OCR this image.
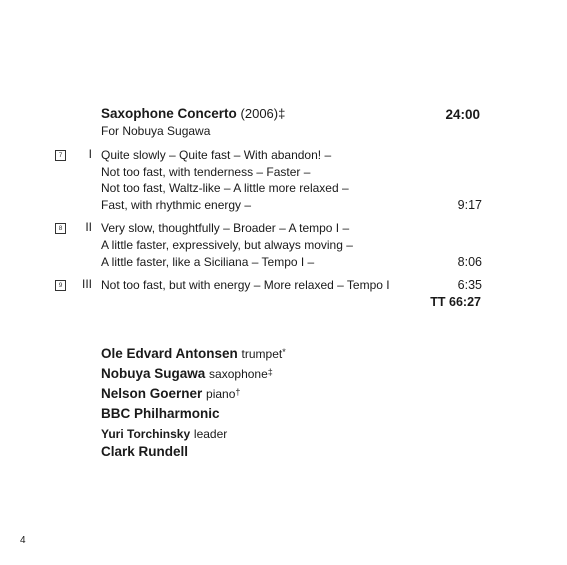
Saxophone Concerto (2006)‡	24:00
For Nobuya Sugawa
7	I Quite slowly – Quite fast – With abandon! –
Not too fast, with tenderness – Faster –
Not too fast, Waltz-like – A little more relaxed –
Fast, with rhythmic energy –	9:17
8	II Very slow, thoughtfully – Broader – A tempo I –
A little faster, expressively, but always moving –
A little faster, like a Siciliana – Tempo I –	8:06
9	III Not too fast, but with energy – More relaxed – Tempo I	6:35
TT 66:27
Ole Edvard Antonsen trumpet*
Nobuya Sugawa saxophone‡
Nelson Goerner piano†
BBC Philharmonic
Yuri Torchinsky leader
Clark Rundell
4
